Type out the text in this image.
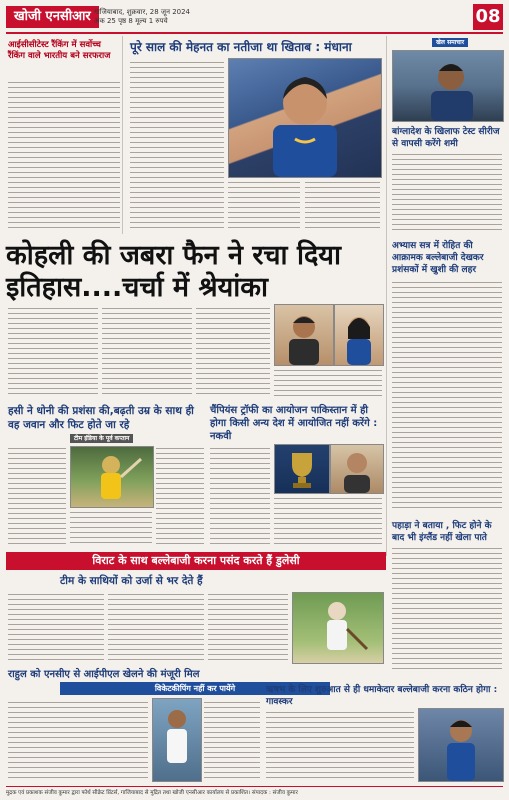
खोजी एनसीआर गाजियाबाद, शुक्रवार, 28 जून 2024
अंक 25 पृष्ठ 8 मूल्य 1 रुपये	08
आईसीसीटेस्ट रैंकिंग में सर्वोच्च रैंकिंग वाले भारतीय बने सरफराज
पूरे साल की मेहनत का नतीजा था खिताब : मंधाना	खेल समाचार
बांग्लादेश के खिलाफ टेस्ट सीरीज से वापसी करेंगे शमी
कोहली की जबरा फैन ने रचा दिया
इतिहास....चर्चा में श्रेयांका
अभ्यास सत्र में रोहित की आक्रामक बल्लेबाजी देखकर प्रशंसकों में खुशी की लहर
हसी ने धोनी की प्रशंसा की,बढ़ती उम्र के साथ ही वह जवान और फिट होते जा रहे
टीम इंडिया के पूर्व कप्तान
चैंपियंस ट्रॉफी का आयोजन पाकिस्तान में ही होगा किसी अन्य देश में आयोजित नहीं करेंगे : नकवी
पहाड़ा ने बताया , फिट होने के बाद भी इंग्लैंड नहीं खेला पाते
विराट के साथ बल्लेबाजी करना पसंद करते हैं डुलेसी
टीम के साथियों को उर्जा से भर देते हैं
राहुल को एनसीए से आईपीएल खेलने की मंजूरी मिल
विकेटकीपिंग नहीं कर पायेंगे	ऋषभ के लिए शुरुआत से ही धमाकेदार बल्लेबाजी करना कठिन होगा : गावस्कर
मुद्रक एवं प्रकाशक संजीव कुमार द्वारा फोर्थ सीक्रेट प्रिंटर्स, गाजियाबाद से मुद्रित तथा खोजी एनसीआर कार्यालय से प्रकाशित। संपादक : संजीव कुमार
